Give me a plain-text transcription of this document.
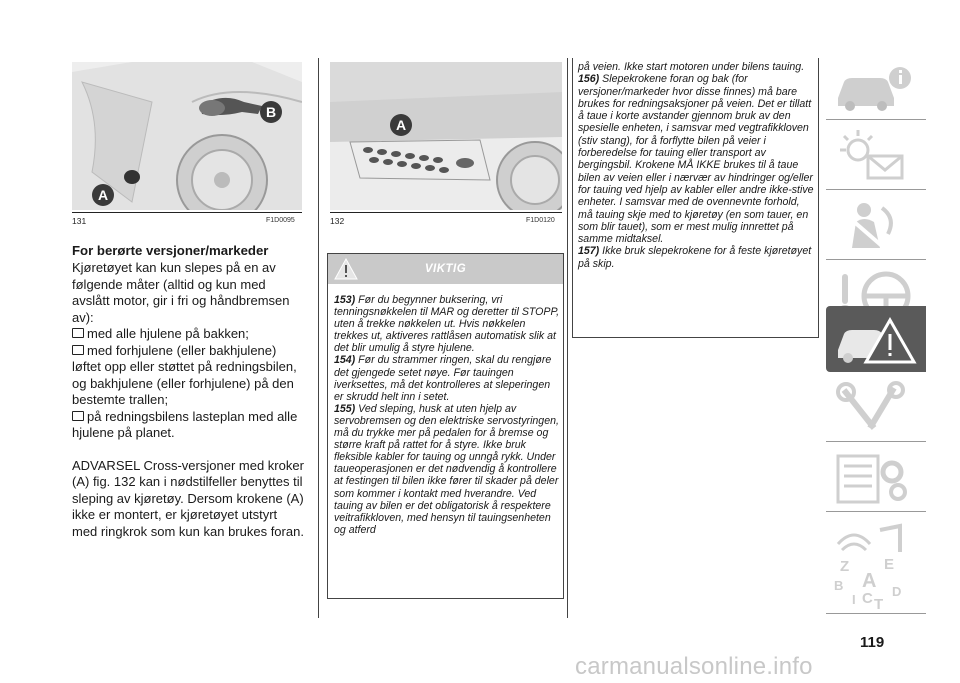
B
A
131	F1D0095
A
132	F1D0120
For berørte versjoner/markeder

Kjøretøyet kan kun slepes på en av følgende måter (alltid og kun med avslått motor, gir i fri og håndbremsen av):

med alle hjulene på bakken;

med forhjulene (eller bakhjulene) løftet opp eller støttet på redningsbilen, og bakhjulene (eller forhjulene) på den bestemte trallen;

på redningsbilens lasteplan med alle hjulene på planet.

ADVARSEL Cross-versjoner med kroker (A) fig. 132 kan i nødstilfeller benyttes til sleping av kjøretøy. Dersom krokene (A) ikke er montert, er kjøretøyet utstyrt med ringkrok som kun kan brukes foran.

VIKTIG

153) Før du begynner buksering, vri tenningsnøkkelen til MAR og deretter til STOPP, uten å trekke nøkkelen ut. Hvis nøkkelen trekkes ut, aktiveres rattlåsen automatisk slik at det blir umulig å styre hjulene.

154) Før du strammer ringen, skal du rengjøre det gjengede setet nøye. Før tauingen iverksettes, må det kontrolleres at sleperingen er skrudd helt inn i setet.

155) Ved sleping, husk at uten hjelp av servobremsen og den elektriske servostyringen, må du trykke mer på pedalen for å bremse og større kraft på rattet for å styre. Ikke bruk fleksible kabler for tauing og unngå rykk. Under taueoperasjonen er det nødvendig å kontrollere at festingen til bilen ikke fører til skader på deler som kommer i kontakt med hverandre. Ved tauing av bilen er det obligatorisk å respektere veitrafikkloven, med hensyn til tauingsenheten og atferd

på veien. Ikke start motoren under bilens tauing.

156) Slepekrokene foran og bak (for versjoner/markeder hvor disse finnes) må bare brukes for redningsaksjoner på veien. Det er tillatt å taue i korte avstander gjennom bruk av den spesielle enheten, i samsvar med vegtrafikkloven (stiv stang), for å forflytte bilen på veier i forberedelse for tauing eller transport av bergingsbil. Krokene MÅ IKKE brukes til å taue bilen av veien eller i nærvær av hindringer og/eller for tauing ved hjelp av kabler eller andre ikke-stive enheter. I samsvar med de ovennevnte forhold, må tauing skje med to kjøretøy (en som tauer, en som blir tauet), som er mest mulig innrettet på samme midtaksel.

157) Ikke bruk slepekrokene for å feste kjøretøyet på skip.

Z E
B A
I C T
D
119
carmanualsonline.info
